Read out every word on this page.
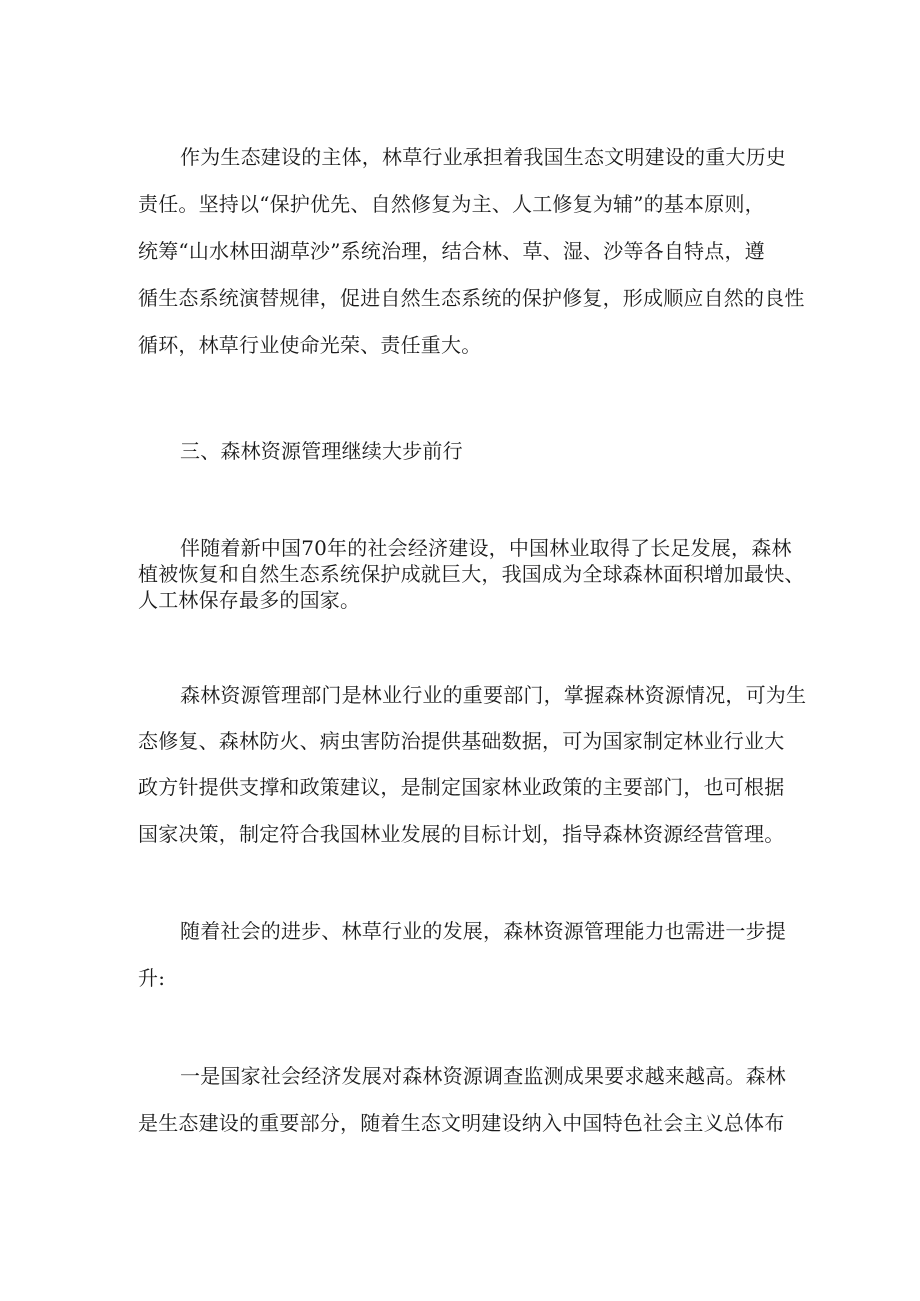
作为生态建设的主体，林草行业承担着我国生态文明建设的重大历史
责任。坚持以“保护优先、自然修复为主、人工修复为辅”的基本原则，
统筹“山水林田湖草沙”系统治理，结合林、草、湿、沙等各自特点，遵
循生态系统演替规律，促进自然生态系统的保护修复，形成顺应自然的良性
循环，林草行业使命光荣、责任重大。
三、森林资源管理继续大步前行
伴随着新中国70年的社会经济建设，中国林业取得了长足发展，森林
植被恢复和自然生态系统保护成就巨大，我国成为全球森林面积增加最快、
人工林保存最多的国家。
森林资源管理部门是林业行业的重要部门，掌握森林资源情况，可为生
态修复、森林防火、病虫害防治提供基础数据，可为国家制定林业行业大
政方针提供支撑和政策建议，是制定国家林业政策的主要部门，也可根据
国家决策，制定符合我国林业发展的目标计划，指导森林资源经营管理。
随着社会的进步、林草行业的发展，森林资源管理能力也需进一步提
升:
一是国家社会经济发展对森林资源调查监测成果要求越来越高。森林
是生态建设的重要部分，随着生态文明建设纳入中国特色社会主义总体布
